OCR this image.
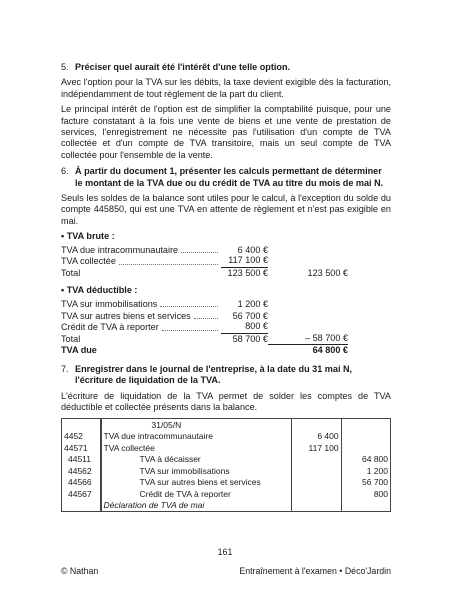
5. Préciser quel aurait été l'intérêt d'une telle option.

Avec l'option pour la TVA sur les débits, la taxe devient exigible dès la facturation, indépendamment de tout règlement de la part du client.

Le principal intérêt de l'option est de simplifier la comptabilité puisque, pour une facture constatant à la fois une vente de biens et une vente de prestation de services, l'enregistrement ne nécessite pas l'utilisation d'un compte de TVA collectée et d'un compte de TVA transitoire, mais un seul compte de TVA collectée pour l'ensemble de la vente.

6. À partir du document 1, présenter les calculs permettant de déterminer le montant de la TVA due ou du crédit de TVA au titre du mois de mai N.

Seuls les soldes de la balance sont utiles pour le calcul, à l'exception du solde du compte 445850, qui est une TVA en attente de règlement et n'est pas exigible en mai.

• TVA brute :
TVA due intracommunautaire	6 400 €
TVA collectée	117 100 €
Total	123 500 €	123 500 €
• TVA déductible :
TVA sur immobilisations	1 200 €
TVA sur autres biens et services	56 700 €
Crédit de TVA à reporter	800 €
Total	58 700 €	– 58 700 €
TVA due	64 800 €
7. Enregistrer dans le journal de l'entreprise, à la date du 31 mai N, l'écriture de liquidation de la TVA.

L'écriture de liquidation de la TVA permet de solder les comptes de TVA déductible et collectée présents dans la balance.

		31/05/N		
4452		TVA due intracommunautaire	6 400	
44571		TVA collectée	117 100	
44511		TVA à décaisser		64 800
44562		TVA sur immobilisations		1 200
44566		TVA sur autres biens et services		56 700
44567		Crédit de TVA à reporter		800
		Déclaration de TVA de mai		
161
© Nathan	Entraînement à l'examen • Déco'Jardin
